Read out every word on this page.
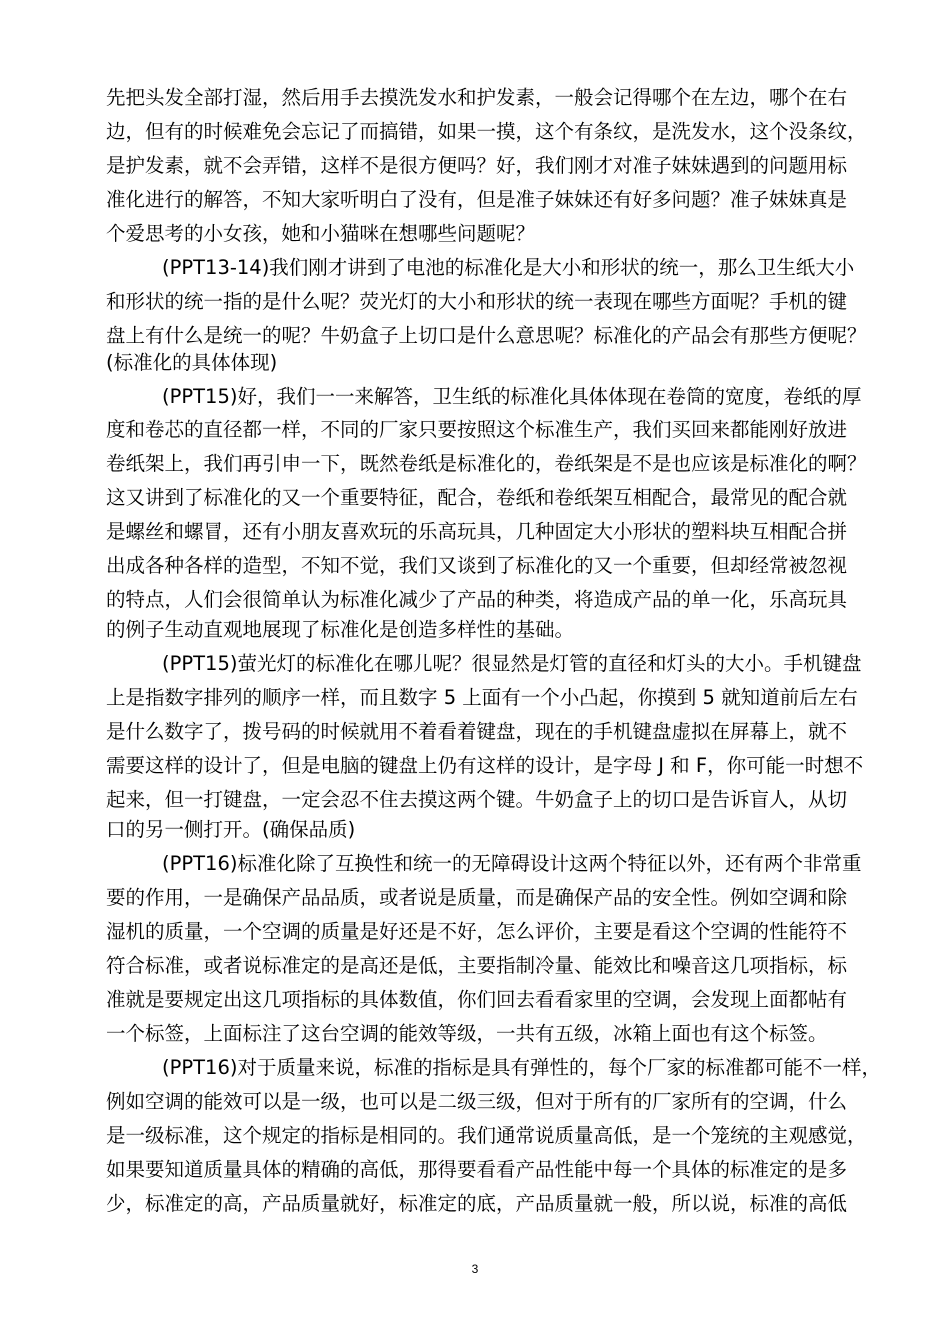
先把头发全部打湿，然后用手去摸洗发水和护发素，一般会记得哪个在左边，哪个在右

边，但有的时候难免会忘记了而搞错，如果一摸，这个有条纹，是洗发水，这个没条纹，

是护发素，就不会弄错，这样不是很方便吗？好，我们刚才对准子妹妹遇到的问题用标

准化进行的解答，不知大家听明白了没有，但是准子妹妹还有好多问题？准子妹妹真是

个爱思考的小女孩，她和小猫咪在想哪些问题呢？

(PPT13-14)我们刚才讲到了电池的标准化是大小和形状的统一，那么卫生纸大小

和形状的统一指的是什么呢？荧光灯的大小和形状的统一表现在哪些方面呢？手机的键

盘上有什么是统一的呢？牛奶盒子上切口是什么意思呢？标准化的产品会有那些方便呢？

(标准化的具体体现)

(PPT15)好，我们一一来解答，卫生纸的标准化具体体现在卷筒的宽度，卷纸的厚

度和卷芯的直径都一样，不同的厂家只要按照这个标准生产，我们买回来都能刚好放进

卷纸架上，我们再引申一下，既然卷纸是标准化的，卷纸架是不是也应该是标准化的啊？

这又讲到了标准化的又一个重要特征，配合，卷纸和卷纸架互相配合，最常见的配合就

是螺丝和螺冒，还有小朋友喜欢玩的乐高玩具，几种固定大小形状的塑料块互相配合拼

出成各种各样的造型，不知不觉，我们又谈到了标准化的又一个重要，但却经常被忽视

的特点，人们会很简单认为标准化减少了产品的种类，将造成产品的单一化，乐高玩具

的例子生动直观地展现了标准化是创造多样性的基础。

(PPT15)萤光灯的标准化在哪儿呢？很显然是灯管的直径和灯头的大小。手机键盘

上是指数字排列的顺序一样，而且数字 5 上面有一个小凸起，你摸到 5 就知道前后左右

是什么数字了，拨号码的时候就用不着看着键盘，现在的手机键盘虚拟在屏幕上，就不

需要这样的设计了，但是电脑的键盘上仍有这样的设计，是字母 J 和 F，你可能一时想不

起来，但一打键盘，一定会忍不住去摸这两个键。牛奶盒子上的切口是告诉盲人，从切

口的另一侧打开。(确保品质)

(PPT16)标准化除了互换性和统一的无障碍设计这两个特征以外，还有两个非常重

要的作用，一是确保产品品质，或者说是质量，而是确保产品的安全性。例如空调和除

湿机的质量，一个空调的质量是好还是不好，怎么评价，主要是看这个空调的性能符不

符合标准，或者说标准定的是高还是低，主要指制冷量、能效比和噪音这几项指标，标

准就是要规定出这几项指标的具体数值，你们回去看看家里的空调，会发现上面都帖有

一个标签，上面标注了这台空调的能效等级，一共有五级，冰箱上面也有这个标签。

(PPT16)对于质量来说，标准的指标是具有弹性的，每个厂家的标准都可能不一样，

例如空调的能效可以是一级，也可以是二级三级，但对于所有的厂家所有的空调，什么

是一级标准，这个规定的指标是相同的。我们通常说质量高低，是一个笼统的主观感觉，

如果要知道质量具体的精确的高低，那得要看看产品性能中每一个具体的标准定的是多

少，标准定的高，产品质量就好，标准定的底，产品质量就一般，所以说，标准的高低

3
